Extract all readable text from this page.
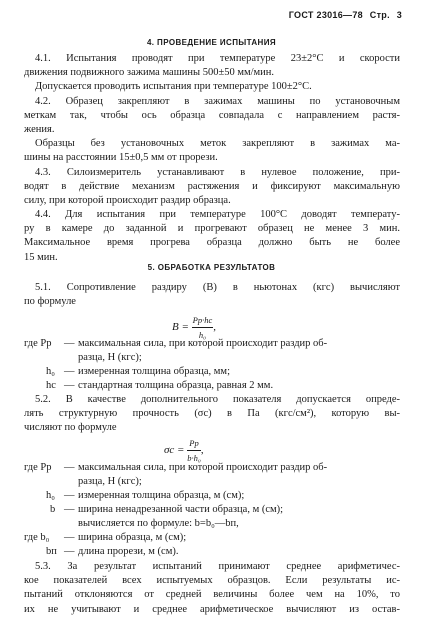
ГОСТ 23016—78 Стр. 3
4. ПРОВЕДЕНИЕ ИСПЫТАНИЯ
4.1. Испытания проводят при температуре 23±2°С и скорости
движения подвижного зажима машины 500±50 мм/мин.
Допускается проводить испытания при температуре 100±2°С.
4.2. Образец закрепляют в зажимах машины по установочным
меткам так, чтобы ось образца совпадала с направлением растя-
жения.
Образцы без установочных меток закрепляют в зажимах ма-
шины на расстоянии 15±0,5 мм от прорези.
4.3. Силоизмеритель устанавливают в нулевое положение, при-
водят в действие механизм растяжения и фиксируют максимальную
силу, при которой происходит раздир образца.
4.4. Для испытания при температуре 100°С доводят температу-
ру в камере до заданной и прогревают образец не менее 3 мин.
Максимальное время прогрева образца должно быть не более
15 мин.
5. ОБРАБОТКА РЕЗУЛЬТАТОВ
5.1. Сопротивление раздиру (B) в ньютонах (кгс) вычисляют
по формуле
$B = \frac{Pр\cdot hс}{\text{h₀}}$ ,
где Pр — максимальная сила, при которой происходит раздир об-
разца, Н (кгс);
h₀ — измеренная толщина образца, мм;
hс — стандартная толщина образца, равная 2 мм.
5.2. В качестве дополнительного показателя допускается опреде-
лять структурную прочность (σс) в Па (кгс/см²), которую вы-
числяют по формуле
$\sigma с = \frac{Pр}{\text{b·h₀}}$ ,
где Pр — максимальная сила, при которой происходит раздир об-
разца, Н (кгс);
h₀ — измеренная толщина образца, м (см);
b — ширина ненадрезанной части образца, м (см);
вычисляется по формуле: b=b₀—bп,
где b₀ — ширина образца, м (см);
bп — длина прорези, м (см).
5.3. За результат испытаний принимают среднее арифметичес-
кое показателей всех испытуемых образцов. Если результаты ис-
пытаний отклоняются от средней величины более чем на 10%, то
их не учитывают и среднее арифметическое вычисляют из остав-
